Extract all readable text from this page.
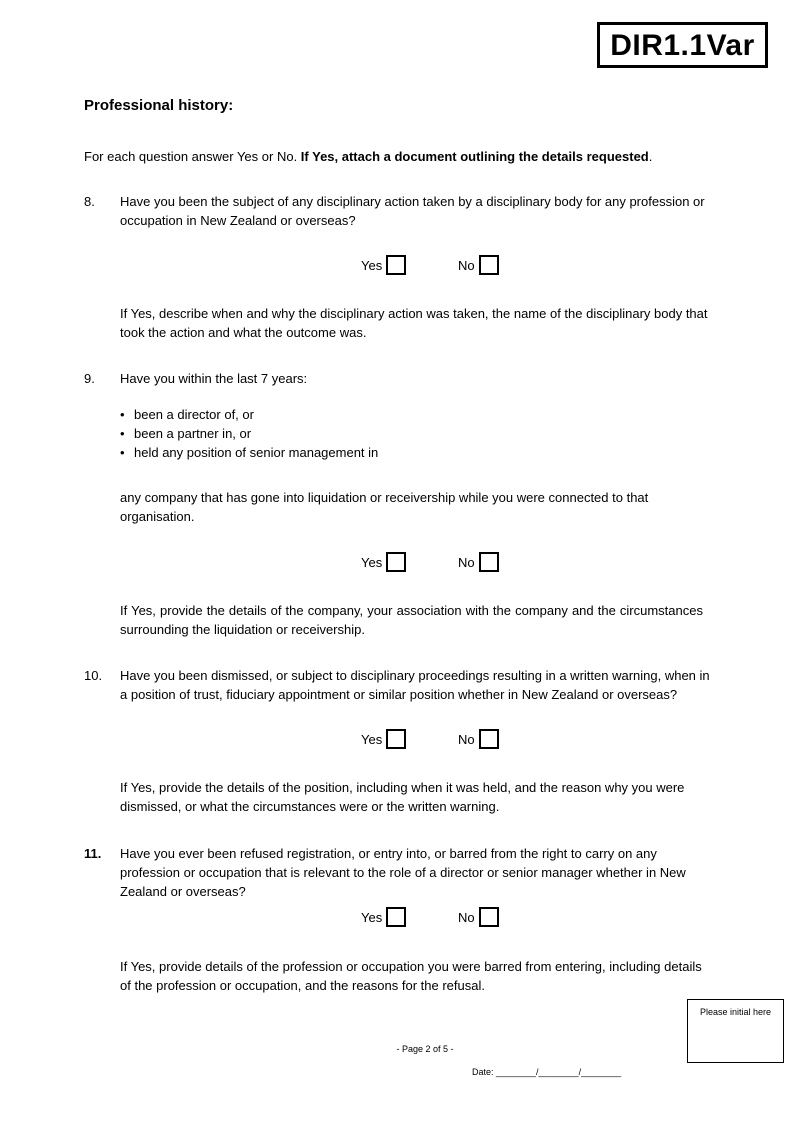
DIR1.1Var
Professional history:
For each question answer Yes or No. If Yes, attach a document outlining the details requested.
8. Have you been the subject of any disciplinary action taken by a disciplinary body for any profession or occupation in New Zealand or overseas?
Yes	No
If Yes, describe when and why the disciplinary action was taken, the name of the disciplinary body that took the action and what the outcome was.
9. Have you within the last 7 years:
• been a director of, or
• been a partner in, or
• held any position of senior management in
any company that has gone into liquidation or receivership while you were connected to that organisation.
Yes	No
If Yes, provide the details of the company, your association with the company and the circumstances surrounding the liquidation or receivership.
10. Have you been dismissed, or subject to disciplinary proceedings resulting in a written warning, when in a position of trust, fiduciary appointment or similar position whether in New Zealand or overseas?
Yes	No
If Yes, provide the details of the position, including when it was held, and the reason why you were dismissed, or what the circumstances were or the written warning.
11. Have you ever been refused registration, or entry into, or barred from the right to carry on any profession or occupation that is relevant to the role of a director or senior manager whether in New Zealand or overseas?
Yes	No
If Yes, provide details of the profession or occupation you were barred from entering, including details of the profession or occupation, and the reasons for the refusal.
Please initial here
- Page 2 of 5 -
Date: ________/________/________
